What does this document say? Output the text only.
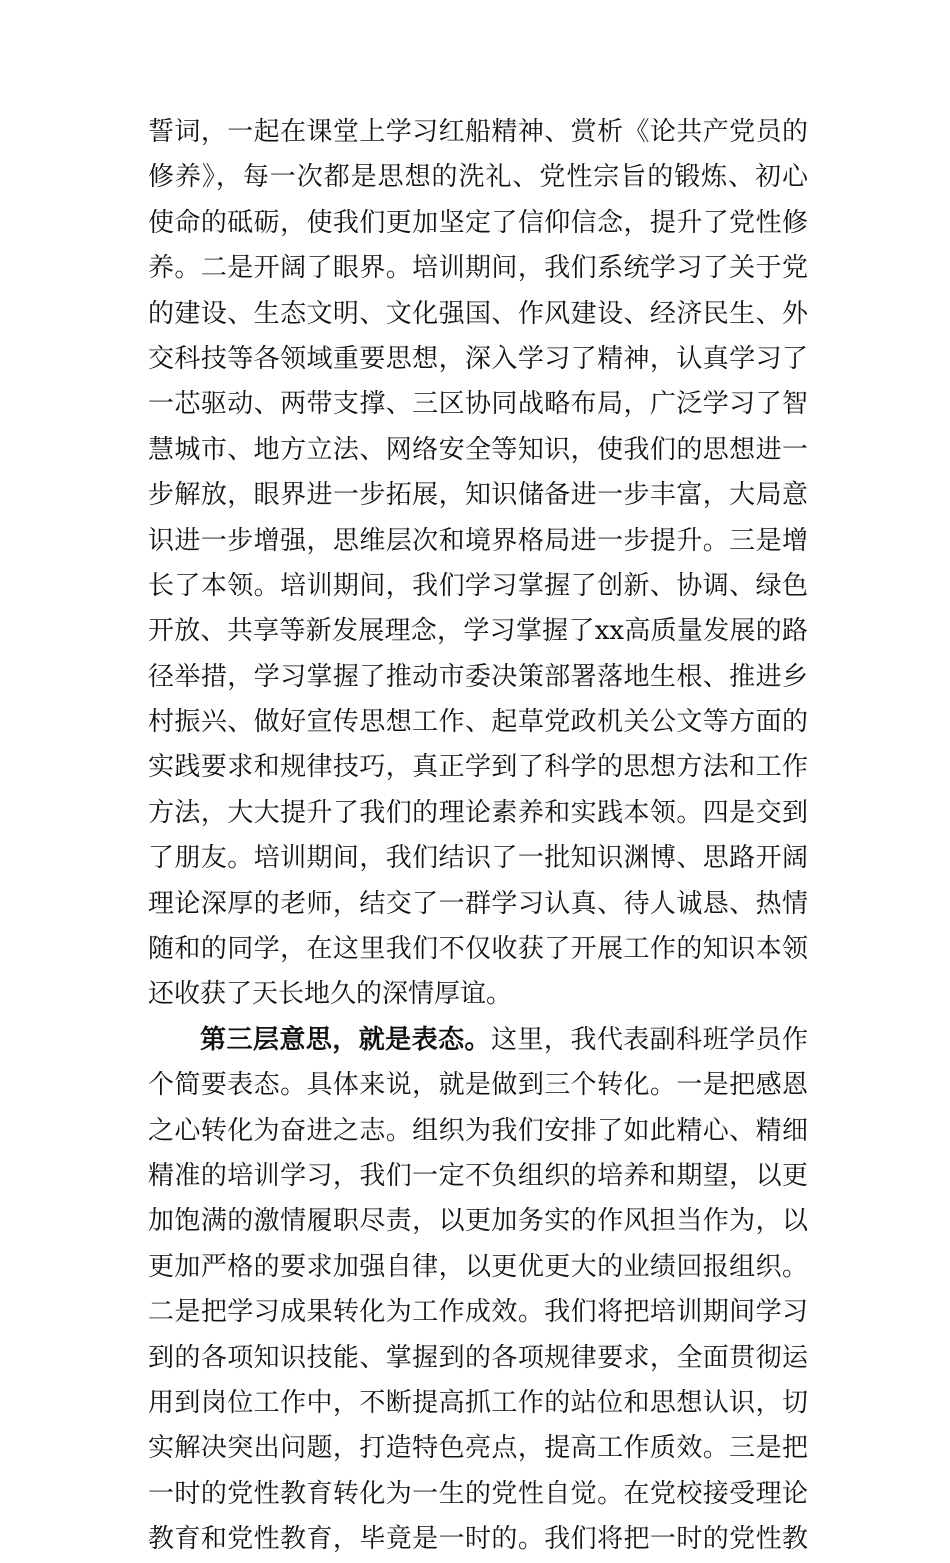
誓词，一起在课堂上学习红船精神、赏析《论共产党员的
修养》，每一次都是思想的洗礼、党性宗旨的锻炼、初心
使命的砥砺，使我们更加坚定了信仰信念，提升了党性修
养。二是开阔了眼界。培训期间，我们系统学习了关于党
的建设、生态文明、文化强国、作风建设、经济民生、外
交科技等各领域重要思想，深入学习了精神，认真学习了
一芯驱动、两带支撑、三区协同战略布局，广泛学习了智
慧城市、地方立法、网络安全等知识，使我们的思想进一
步解放，眼界进一步拓展，知识储备进一步丰富，大局意
识进一步增强，思维层次和境界格局进一步提升。三是增
长了本领。培训期间，我们学习掌握了创新、协调、绿色
开放、共享等新发展理念，学习掌握了xx高质量发展的路
径举措，学习掌握了推动市委决策部署落地生根、推进乡
村振兴、做好宣传思想工作、起草党政机关公文等方面的
实践要求和规律技巧，真正学到了科学的思想方法和工作
方法，大大提升了我们的理论素养和实践本领。四是交到
了朋友。培训期间，我们结识了一批知识渊博、思路开阔
理论深厚的老师，结交了一群学习认真、待人诚恳、热情
随和的同学，在这里我们不仅收获了开展工作的知识本领
还收获了天长地久的深情厚谊。
第三层意思，就是表态。这里，我代表副科班学员作
个简要表态。具体来说，就是做到三个转化。一是把感恩
之心转化为奋进之志。组织为我们安排了如此精心、精细
精准的培训学习，我们一定不负组织的培养和期望，以更
加饱满的激情履职尽责，以更加务实的作风担当作为，以
更加严格的要求加强自律，以更优更大的业绩回报组织。
二是把学习成果转化为工作成效。我们将把培训期间学习
到的各项知识技能、掌握到的各项规律要求，全面贯彻运
用到岗位工作中，不断提高抓工作的站位和思想认识，切
实解决突出问题，打造特色亮点，提高工作质效。三是把
一时的党性教育转化为一生的党性自觉。在党校接受理论
教育和党性教育，毕竟是一时的。我们将把一时的党性教
